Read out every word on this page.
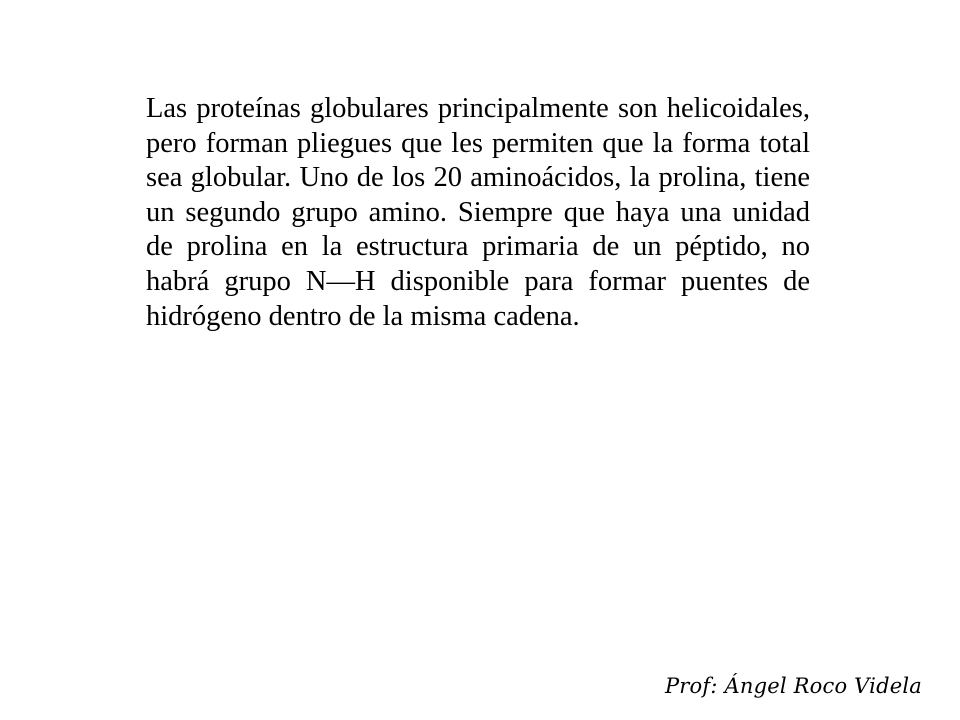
Las proteínas globulares principalmente son helicoidales, pero forman pliegues que les permiten que la forma total sea globular. Uno de los 20 aminoácidos, la prolina, tiene un segundo grupo amino. Siempre que haya una unidad de prolina en la estructura primaria de un péptido, no habrá grupo N—H disponible para formar puentes de hidrógeno dentro de la misma cadena.

Prof: Ángel Roco Videla
